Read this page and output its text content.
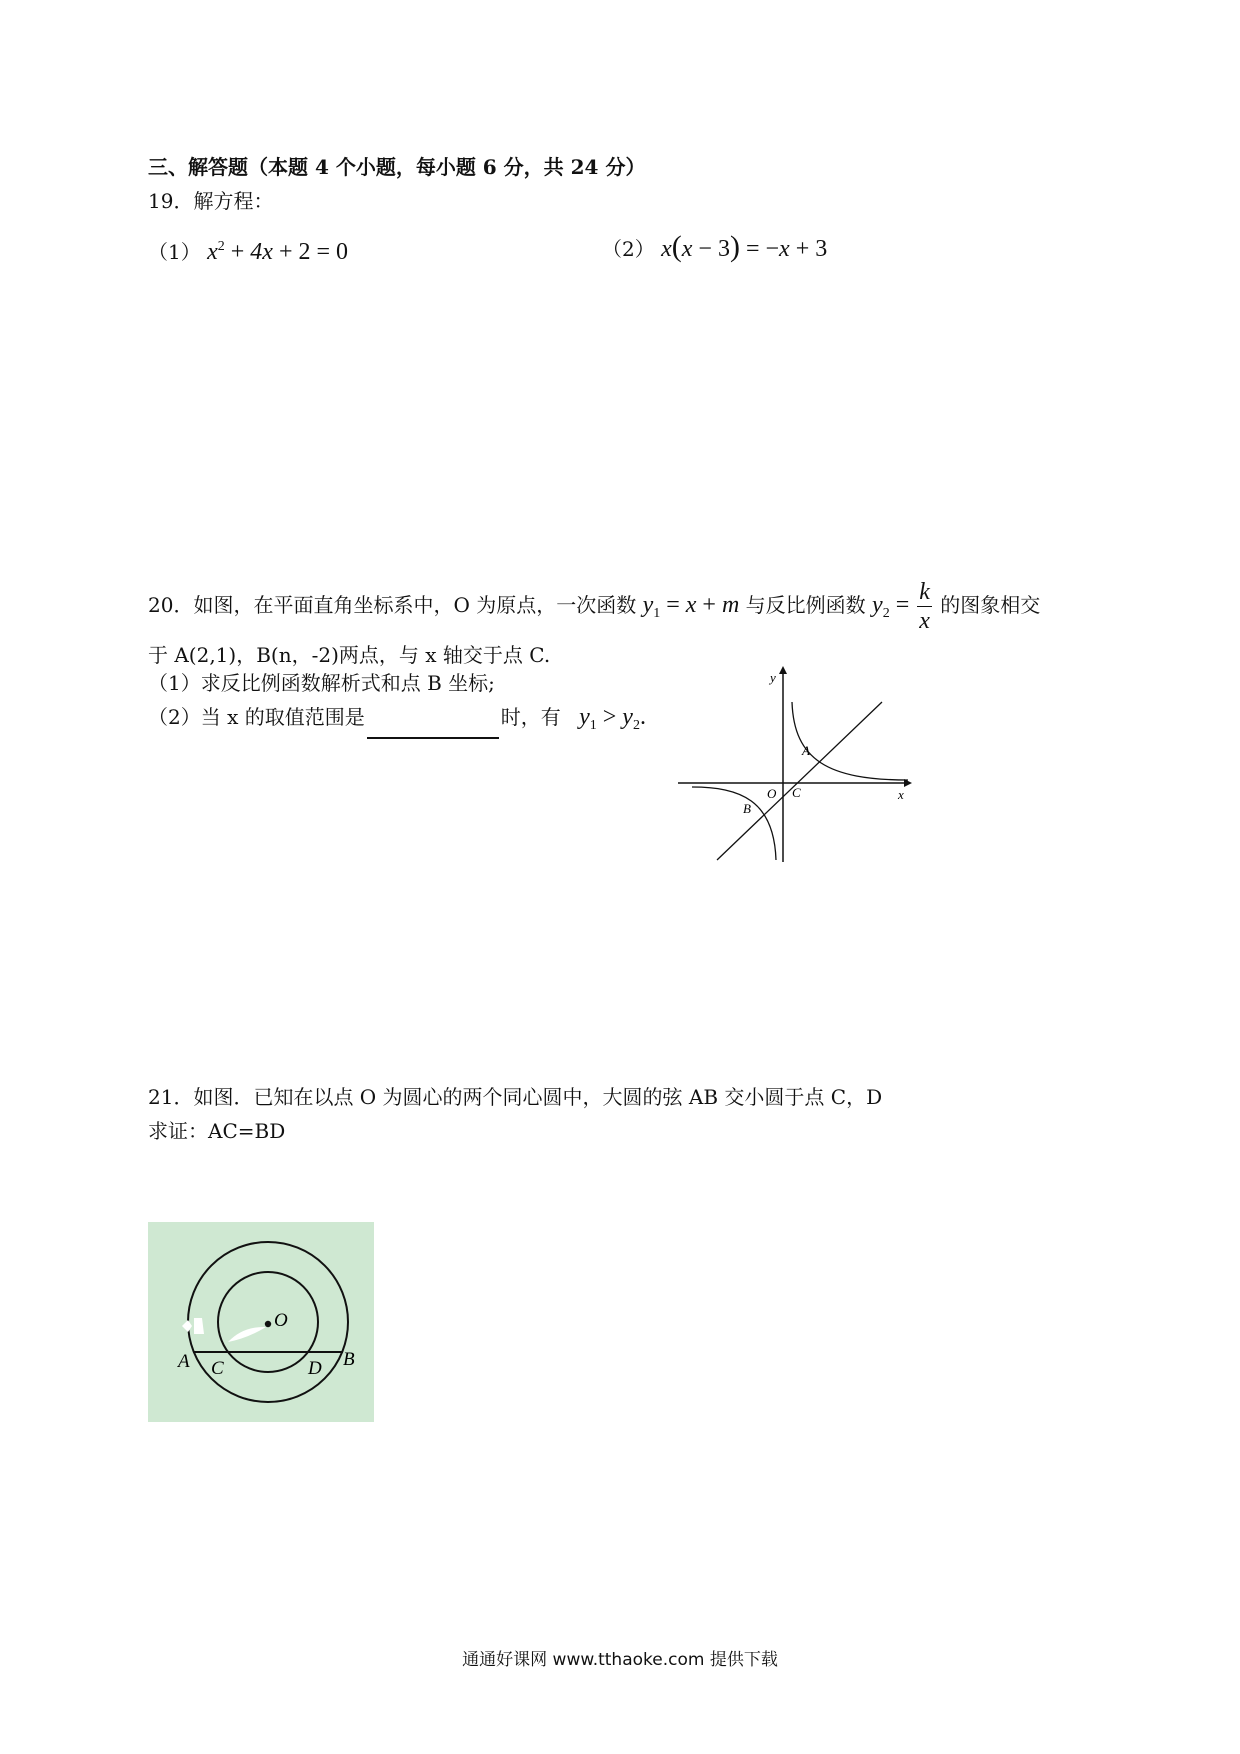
三、解答题（本题 4 个小题，每小题 6 分，共 24 分）
19．解方程：
（1） $x^2 + 4x + 2 = 0$	（2） x(x − 3) = −x + 3
20．如图，在平面直角坐标系中，O 为原点，一次函数 $y_1 = x + m$ 与反比例函数 $y_2 = \frac{k}{x}$ 的图象相交
于 A(2,1)，B(n，-2)两点，与 x 轴交于点 C.
（1）求反比例函数解析式和点 B 坐标;
（2）当 x 的取值范围是	时，有 $y_1 > y_2$.
x
y
O
A
B
C
21．如图．已知在以点 O 为圆心的两个同心圆中，大圆的弦 AB 交小圆于点 C，D
求证：AC=BD
O
A C	D B
通通好课网 www.tthaoke.com 提供下载
